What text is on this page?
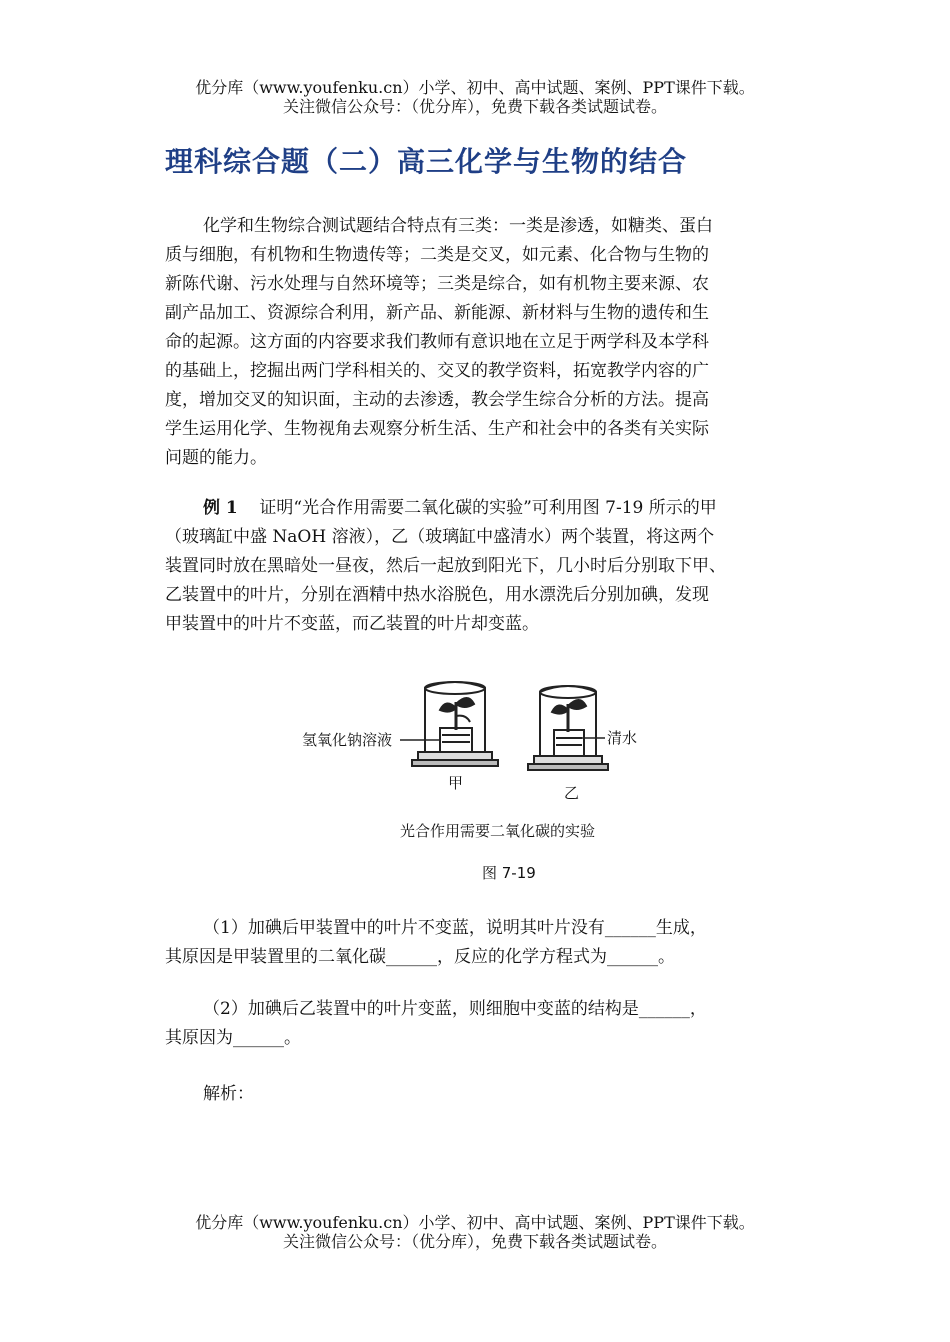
优分库（www.youfenku.cn）小学、初中、高中试题、案例、PPT课件下载。
关注微信公众号：（优分库），免费下载各类试题试卷。
理科综合题（二）高三化学与生物的结合
化学和生物综合测试题结合特点有三类：一类是渗透，如糖类、蛋白
质与细胞，有机物和生物遗传等；二类是交叉，如元素、化合物与生物的
新陈代谢、污水处理与自然环境等；三类是综合，如有机物主要来源、农
副产品加工、资源综合利用，新产品、新能源、新材料与生物的遗传和生
命的起源。这方面的内容要求我们教师有意识地在立足于两学科及本学科
的基础上，挖掘出两门学科相关的、交叉的教学资料，拓宽教学内容的广
度，增加交叉的知识面，主动的去渗透，教会学生综合分析的方法。提高
学生运用化学、生物视角去观察分析生活、生产和社会中的各类有关实际
问题的能力。
例 1 证明“光合作用需要二氧化碳的实验”可利用图 7-19 所示的甲
（玻璃缸中盛 NaOH 溶液），乙（玻璃缸中盛清水）两个装置，将这两个
装置同时放在黑暗处一昼夜，然后一起放到阳光下，几小时后分别取下甲、
乙装置中的叶片，分别在酒精中热水浴脱色，用水漂洗后分别加碘，发现
甲装置中的叶片不变蓝，而乙装置的叶片却变蓝。
氢氧化钠溶液
甲
清水
乙
光合作用需要二氧化碳的实验
图 7-19
（1）加碘后甲装置中的叶片不变蓝，说明其叶片没有______生成，
其原因是甲装置里的二氧化碳______，反应的化学方程式为______。
（2）加碘后乙装置中的叶片变蓝，则细胞中变蓝的结构是______，
其原因为______。
解析：
优分库（www.youfenku.cn）小学、初中、高中试题、案例、PPT课件下载。
关注微信公众号：（优分库），免费下载各类试题试卷。
